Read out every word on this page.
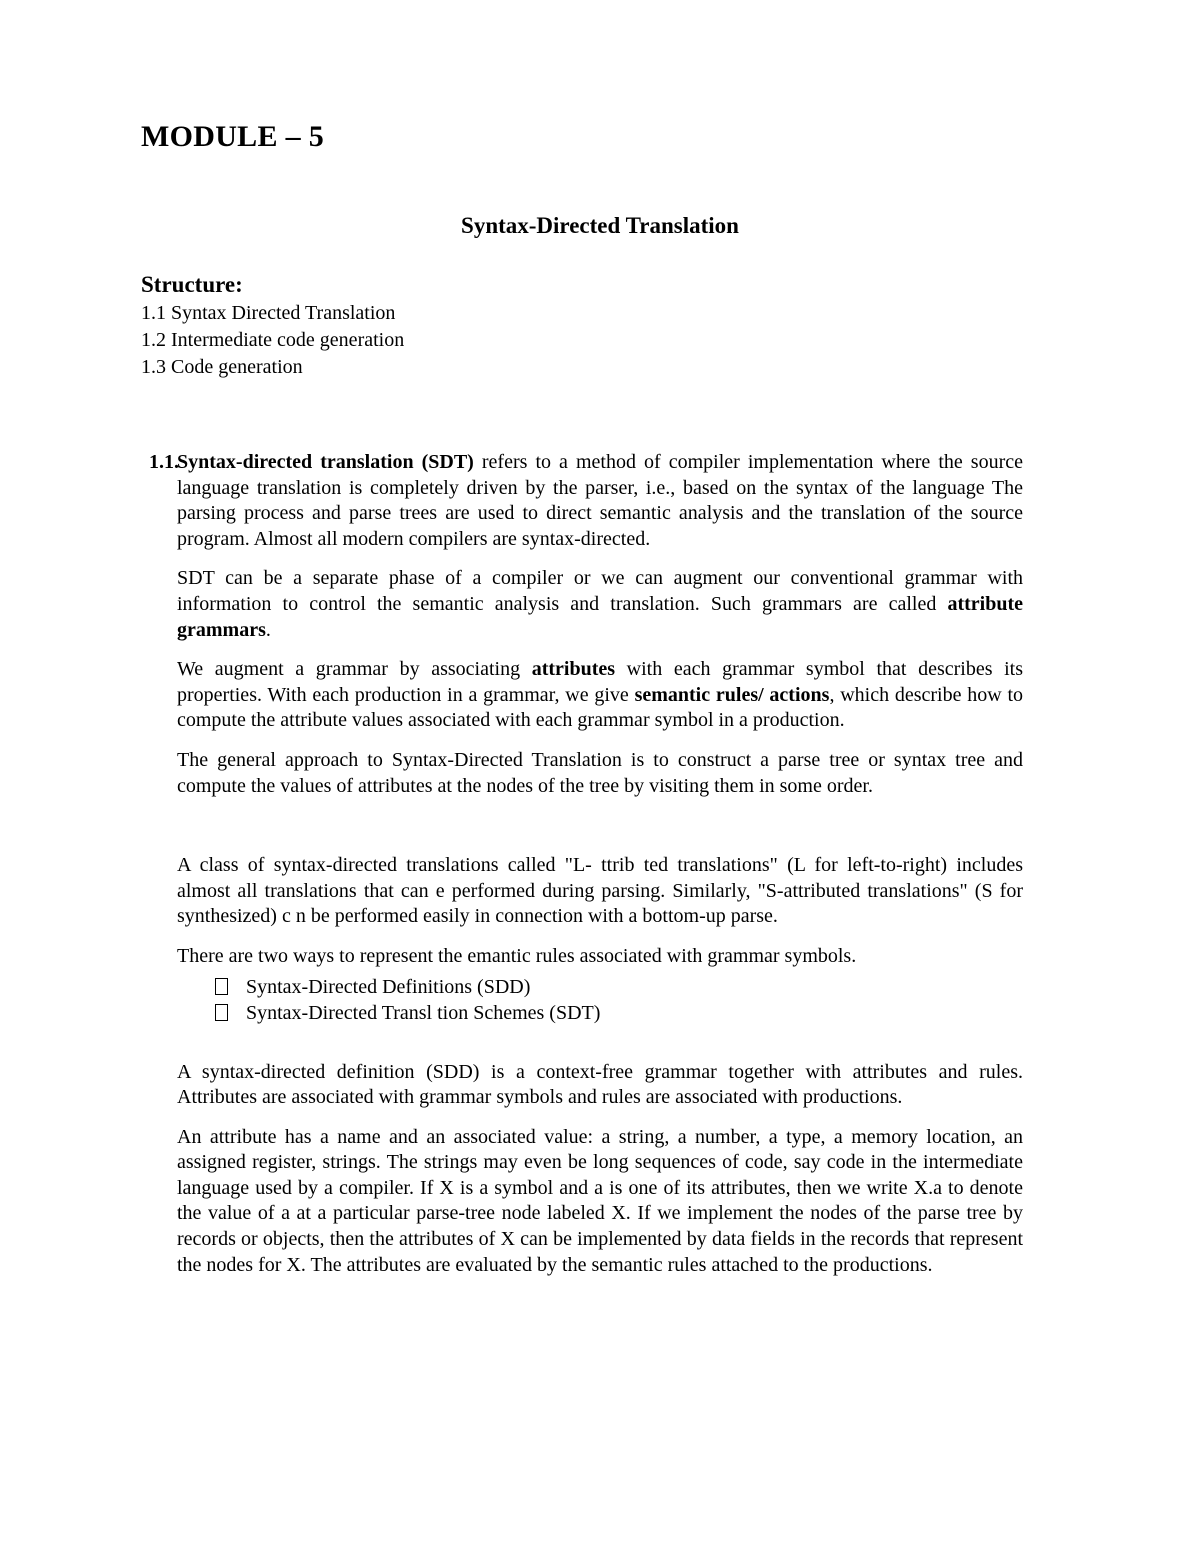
MODULE – 5
Syntax-Directed Translation
Structure:
1.1 Syntax Directed Translation
1.2 Intermediate code generation
1.3 Code generation
1.1.

Syntax-directed translation (SDT) refers to a method of compiler implementation where the source language translation is completely driven by the parser, i.e., based on the syntax of the language The parsing process and parse trees are used to direct semantic analysis and the translation of the source program. Almost all modern compilers are syntax-directed.

SDT can be a separate phase of a compiler or we can augment our conventional grammar with information to control the semantic analysis and translation. Such grammars are called attribute grammars.

We augment a grammar by associating attributes with each grammar symbol that describes its properties. With each production in a grammar, we give semantic rules/ actions, which describe how to compute the attribute values associated with each grammar symbol in a production.

The general approach to Syntax-Directed Translation is to construct a parse tree or syntax tree and compute the values of attributes at the nodes of the tree by visiting them in some order.

A class of syntax-directed translations called "L- ttrib ted translations" (L for left-to-right) includes almost all translations that can e performed during parsing. Similarly, "S-attributed translations" (S for synthesized) c n be performed easily in connection with a bottom-up parse.

There are two ways to represent the emantic rules associated with grammar symbols.

Syntax-Directed Definitions (SDD)
Syntax-Directed Transl tion Schemes (SDT)

A syntax-directed definition (SDD) is a context-free grammar together with attributes and rules. Attributes are associated with grammar symbols and rules are associated with productions.

An attribute has a name and an associated value: a string, a number, a type, a memory location, an assigned register, strings. The strings may even be long sequences of code, say code in the intermediate language used by a compiler. If X is a symbol and a is one of its attributes, then we write X.a to denote the value of a at a particular parse-tree node labeled X. If we implement the nodes of the parse tree by records or objects, then the attributes of X can be implemented by data fields in the records that represent the nodes for X. The attributes are evaluated by the semantic rules attached to the productions.
